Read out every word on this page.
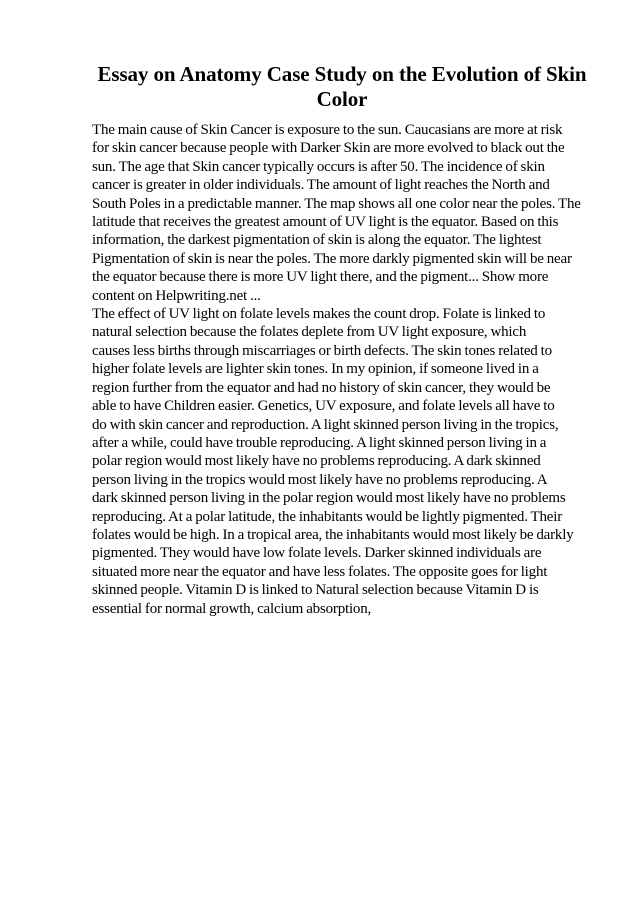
Essay on Anatomy Case Study on the Evolution of Skin
Color
The main cause of Skin Cancer is exposure to the sun. Caucasians are more at risk
for skin cancer because people with Darker Skin are more evolved to black out the
sun. The age that Skin cancer typically occurs is after 50. The incidence of skin
cancer is greater in older individuals. The amount of light reaches the North and
South Poles in a predictable manner. The map shows all one color near the poles. The
latitude that receives the greatest amount of UV light is the equator. Based on this
information, the darkest pigmentation of skin is along the equator. The lightest
Pigmentation of skin is near the poles. The more darkly pigmented skin will be near
the equator because there is more UV light there, and the pigment... Show more
content on Helpwriting.net ...
The effect of UV light on folate levels makes the count drop. Folate is linked to
natural selection because the folates deplete from UV light exposure, which
causes less births through miscarriages or birth defects. The skin tones related to
higher folate levels are lighter skin tones. In my opinion, if someone lived in a
region further from the equator and had no history of skin cancer, they would be
able to have Children easier. Genetics, UV exposure, and folate levels all have to
do with skin cancer and reproduction. A light skinned person living in the tropics,
after a while, could have trouble reproducing. A light skinned person living in a
polar region would most likely have no problems reproducing. A dark skinned
person living in the tropics would most likely have no problems reproducing. A
dark skinned person living in the polar region would most likely have no problems
reproducing. At a polar latitude, the inhabitants would be lightly pigmented. Their
folates would be high. In a tropical area, the inhabitants would most likely be darkly
pigmented. They would have low folate levels. Darker skinned individuals are
situated more near the equator and have less folates. The opposite goes for light
skinned people. Vitamin D is linked to Natural selection because Vitamin D is
essential for normal growth, calcium absorption,
